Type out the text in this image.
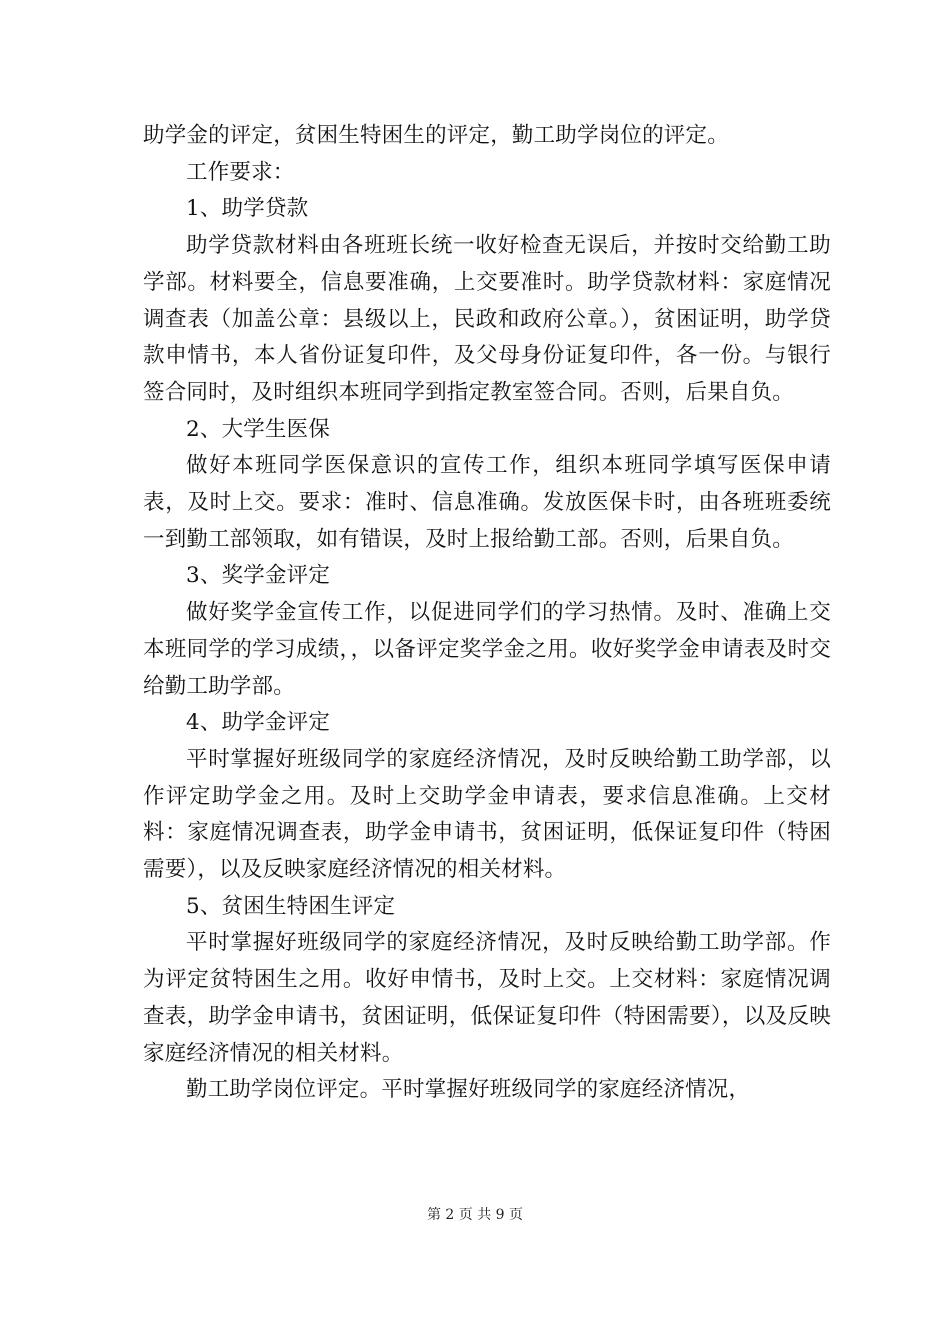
助学金的评定，贫困生特困生的评定，勤工助学岗位的评定。

工作要求：

1、助学贷款

助学贷款材料由各班班长统一收好检查无误后，并按时交给勤工助学部。材料要全，信息要准确，上交要准时。助学贷款材料：家庭情况调查表（加盖公章：县级以上，民政和政府公章。），贫困证明，助学贷款申情书，本人省份证复印件，及父母身份证复印件，各一份。与银行签合同时，及时组织本班同学到指定教室签合同。否则，后果自负。

2、大学生医保

做好本班同学医保意识的宣传工作，组织本班同学填写医保申请表，及时上交。要求：准时、信息准确。发放医保卡时，由各班班委统一到勤工部领取，如有错误，及时上报给勤工部。否则，后果自负。

3、奖学金评定

做好奖学金宣传工作，以促进同学们的学习热情。及时、准确上交本班同学的学习成绩，，以备评定奖学金之用。收好奖学金申请表及时交给勤工助学部。

4、助学金评定

平时掌握好班级同学的家庭经济情况，及时反映给勤工助学部，以作评定助学金之用。及时上交助学金申请表，要求信息准确。上交材料：家庭情况调查表，助学金申请书，贫困证明，低保证复印件（特困需要），以及反映家庭经济情况的相关材料。

5、贫困生特困生评定

平时掌握好班级同学的家庭经济情况，及时反映给勤工助学部。作为评定贫特困生之用。收好申情书，及时上交。上交材料：家庭情况调查表，助学金申请书，贫困证明，低保证复印件（特困需要），以及反映家庭经济情况的相关材料。

勤工助学岗位评定。平时掌握好班级同学的家庭经济情况，

第 2 页 共 9 页
